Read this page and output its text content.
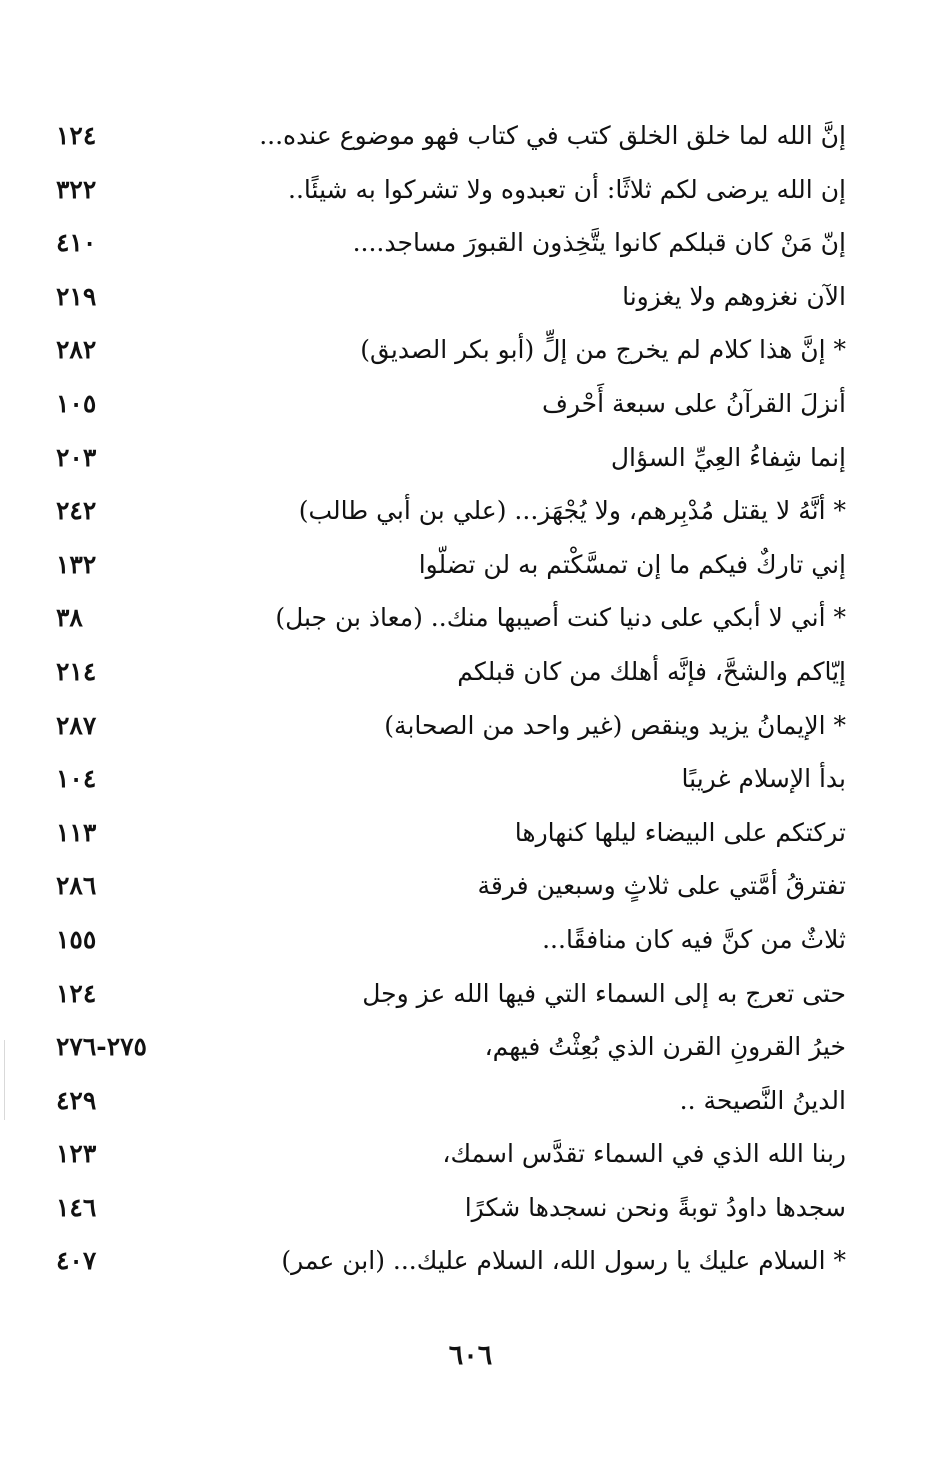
إنَّ الله لما خلق الخلق كتب في كتاب فهو موضوع عنده...
١٢٤
إن الله يرضى لكم ثلاثًا: أن تعبدوه ولا تشركوا به شيئًا..
٣٢٢
إنّ مَنْ كان قبلكم كانوا يتَّخِذون القبورَ مساجد....
٤١٠
الآن نغزوهم ولا يغزونا
٢١٩
* إنَّ هذا كلام لم يخرج من إلٍّ (أبو بكر الصديق)
٢٨٢
أنزلَ القرآنُ على سبعة أَحْرف
١٠٥
إنما شِفاءُ العِيِّ السؤال
٢٠٣
* أنَّهُ لا يقتل مُدْبِرهم، ولا يُجْهَز... (علي بن أبي طالب)
٢٤٢
إني تاركٌ فيكم ما إن تمسَّكْتم به لن تضلّوا
١٣٢
* أني لا أبكي على دنيا كنت أصيبها منك.. (معاذ بن جبل)
٣٨
إيّاكم والشحَّ، فإنَّه أهلك من كان قبلكم
٢١٤
* الإيمانُ يزيد وينقص (غير واحد من الصحابة)
٢٨٧
بدأ الإسلام غريبًا
١٠٤
تركتكم على البيضاء ليلها كنهارها
١١٣
تفترقُ أمَّتي على ثلاثٍ وسبعين فرقة
٢٨٦
ثلاثٌ من كنَّ فيه كان منافقًا...
١٥٥
حتى تعرج به إلى السماء التي فيها الله عز وجل
١٢٤
خيرُ القرونِ القرن الذي بُعِثْتُ فيهم،
٢٧٥-٢٧٦
الدينُ النَّصيحة ..
٤٢٩
ربنا الله الذي في السماء تقدَّس اسمك،
١٢٣
سجدها داودُ توبةً ونحن نسجدها شكرًا
١٤٦
* السلام عليك يا رسول الله، السلام عليك... (ابن عمر)
٤٠٧
٦٠٦
